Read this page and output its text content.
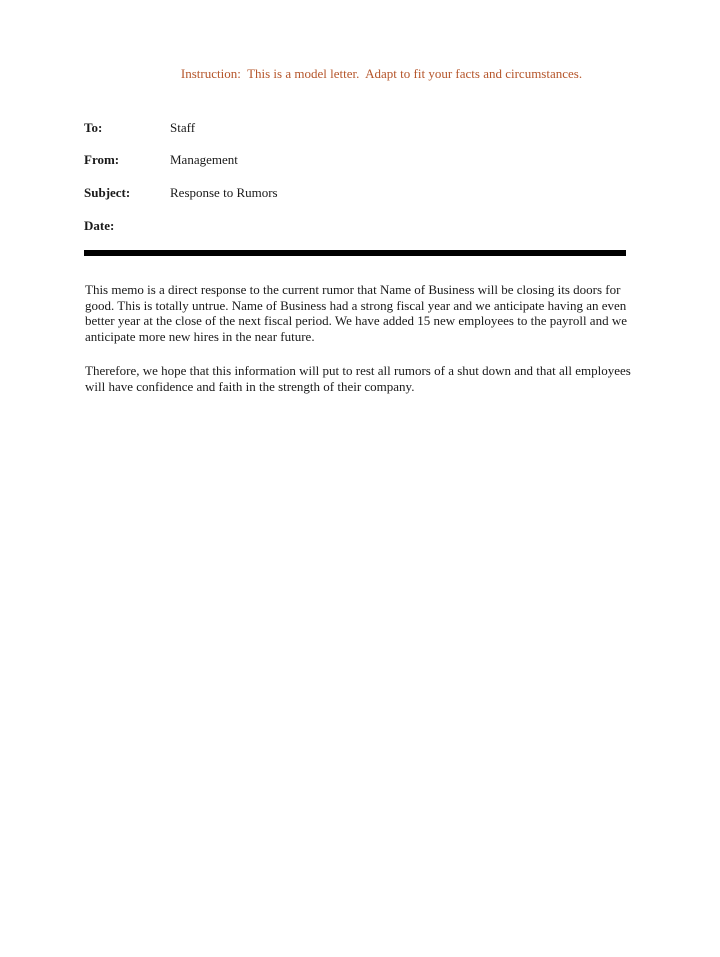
Instruction:  This is a model letter.  Adapt to fit your facts and circumstances.
To:	Staff
From:	Management
Subject:	Response to Rumors
Date:

This memo is a direct response to the current rumor that Name of Business will be closing its doors for good. This is totally untrue. Name of Business had a strong fiscal year and we anticipate having an even better year at the close of the next fiscal period. We have added 15 new employees to the payroll and we anticipate more new hires in the near future.

Therefore, we hope that this information will put to rest all rumors of a shut down and that all employees will have confidence and faith in the strength of their company.
